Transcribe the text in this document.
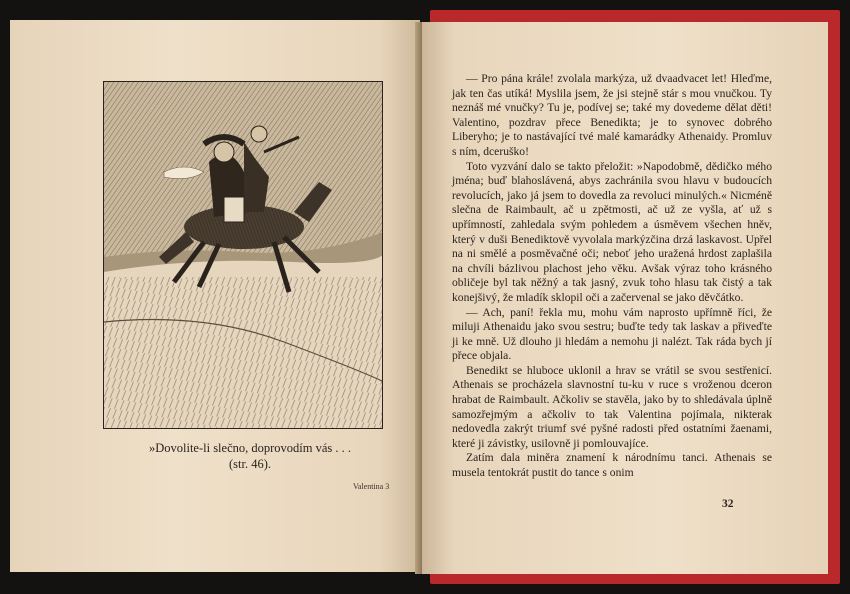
»Dovolite-li slečno, doprovodím vás . . .
(str. 46).
Valentina 3

— Pro pána krále! zvolala markýza, už dvaadvacet let! Hleďme, jak ten čas utíká! Myslila jsem, že jsi stejně stár s mou vnučkou. Ty neznáš mé vnučky? Tu je, podívej se; také my dovedeme dělat děti! Valentino, pozdrav přece Benedikta; je to synovec dobrého Liberyho; je to nastávající tvé malé kamarádky Athenaidy. Promluv s ním, dceruško!

Toto vyzvání dalo se takto přeložit: »Napodobmě, dědičko mého jména; buď blahoslávená, abys zachránila svou hlavu v budoucích revolucích, jako já jsem to dovedla za revoluci minulých.« Nicméně slečna de Raimbault, ač u zpětmosti, ač už ze vyšla, ať už s upřímností, zahledala svým pohledem a úsměvem všechen hněv, který v duši Benediktově vyvolala markýzčina drzá laskavost. Upřel na ni smělé a posměvačné oči; neboť jeho uražená hrdost zaplašila na chvíli bázlivou plachost jeho věku. Avšak výraz toho krásného obličeje byl tak něžný a tak jasný, zvuk toho hlasu tak čistý a tak konejšivý, že mladík sklopil oči a začervenal se jako děvčátko.

— Ach, paní! řekla mu, mohu vám naprosto upřímně říci, že miluji Athenaidu jako svou sestru; buďte tedy tak laskav a přiveďte ji ke mně. Už dlouho ji hledám a nemohu ji nalézt. Tak ráda bych jí přece objala.

Benedikt se hluboce uklonil a hrav se vrátil se svou sestřenicí. Athenais se procházela slavnostní tu‑ku v ruce s vroženou dceron hrabat de Raimbault. Ačkoliv se stavěla, jako by to shledávala úplně samozřejmým a ačkoliv to tak Valentina pojímala, nikterak nedovedla zakrýt triumf své pyšné radosti před ostatními žaenami, které ji závistky, usilovně ji pomlouvajíce.

Zatím dala miněra znamení k národnímu tanci. Athenais se musela tentokrát pustit do tance s onim

32
